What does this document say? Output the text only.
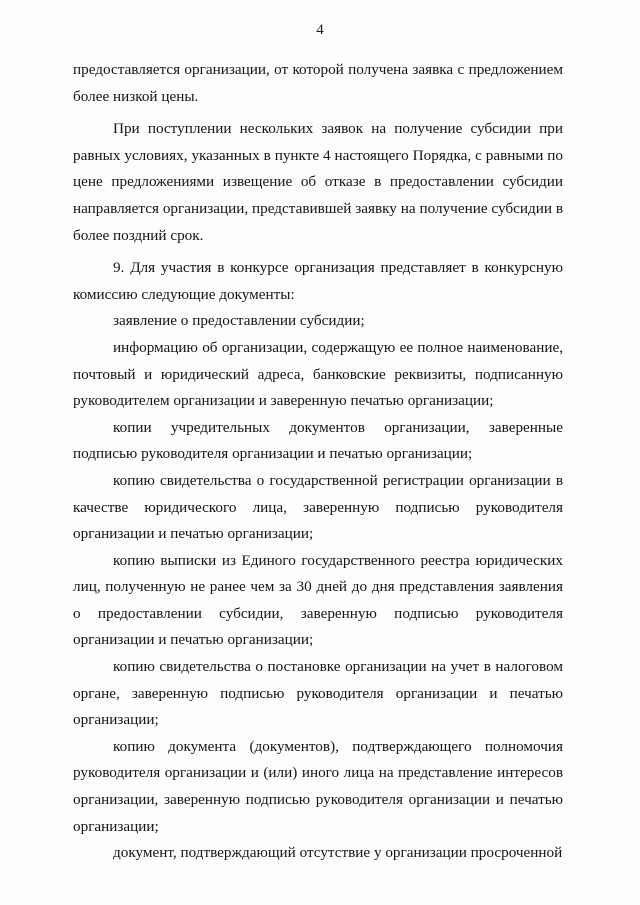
4

предоставляется организации, от которой получена заявка с предложением более низкой цены.

При поступлении нескольких заявок на получение субсидии при равных условиях, указанных в пункте 4 настоящего Порядка, с равными по цене предложениями извещение об отказе в предоставлении субсидии направляется организации, представившей заявку на получение субсидии в более поздний срок.

9. Для участия в конкурсе организация представляет в конкурсную комиссию следующие документы:

заявление о предоставлении субсидии;

информацию об организации, содержащую ее полное наименование, почтовый и юридический адреса, банковские реквизиты, подписанную руководителем организации и заверенную печатью организации;

копии учредительных документов организации, заверенные подписью руководителя организации и печатью организации;

копию свидетельства о государственной регистрации организации в качестве юридического лица, заверенную подписью руководителя организации и печатью организации;

копию выписки из Единого государственного реестра юридических лиц, полученную не ранее чем за 30 дней до дня представления заявления о предоставлении субсидии, заверенную подписью руководителя организации и печатью организации;

копию свидетельства о постановке организации на учет в налоговом органе, заверенную подписью руководителя организации и печатью организации;

копию документа (документов), подтверждающего полномочия руководителя организации и (или) иного лица на представление интересов организации, заверенную подписью руководителя организации и печатью организации;

документ, подтверждающий отсутствие у организации просроченной
